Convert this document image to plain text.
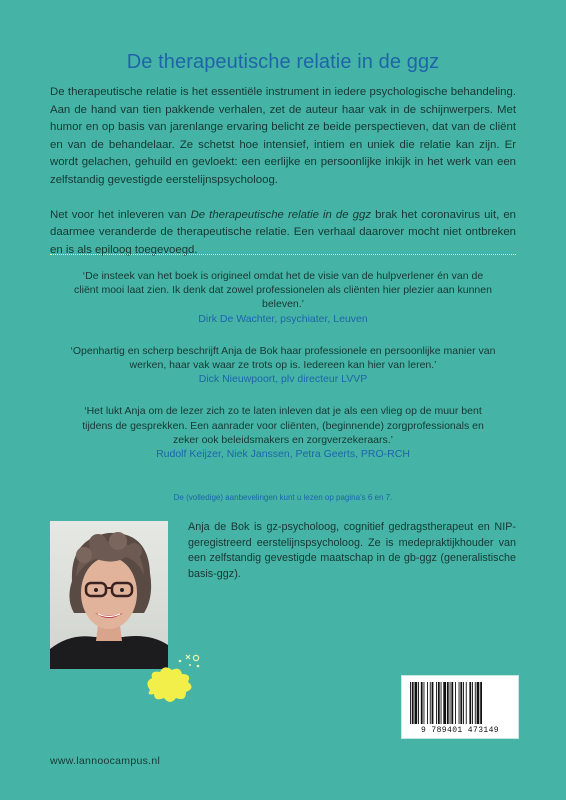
De therapeutische relatie in de ggz

De therapeutische relatie is het essentiële instrument in iedere psychologische behandeling. Aan de hand van tien pakkende verhalen, zet de auteur haar vak in de schijnwerpers. Met humor en op basis van jarenlange ervaring belicht ze beide perspectieven, dat van de cliënt en van de behandelaar. Ze schetst hoe intensief, intiem en uniek die relatie kan zijn. Er wordt gelachen, gehuild en gevloekt: een eerlijke en persoonlijke inkijk in het werk van een zelfstandig gevestigde eerstelijnspsycholoog.

Net voor het inleveren van De therapeutische relatie in de ggz brak het coronavirus uit, en daarmee veranderde de therapeutische relatie. Een verhaal daarover mocht niet ontbreken en is als epiloog toegevoegd.

‘De insteek van het boek is origineel omdat het de visie van de hulpverlener én van de cliënt mooi laat zien. Ik denk dat zowel professionelen als cliënten hier plezier aan kunnen beleven.’
Dirk De Wachter, psychiater, Leuven
‘Openhartig en scherp beschrijft Anja de Bok haar professionele en persoonlijke manier van werken, haar vak waar ze trots op is. Iedereen kan hier van leren.’
Dick Nieuwpoort, plv directeur LVVP
‘Het lukt Anja om de lezer zich zo te laten inleven dat je als een vlieg op de muur bent tijdens de gesprekken. Een aanrader voor cliënten, (beginnende) zorgprofessionals en zeker ook beleidsmakers en zorgverzekeraars.’
Rudolf Keijzer, Niek Janssen, Petra Geerts, PRO-RCH
De (volledige) aanbevelingen kunt u lezen op pagina’s 6 en 7.
Anja de Bok is gz-psycholoog, cognitief gedragstherapeut en NIP-geregistreerd eerstelijnspsycholoog. Ze is medepraktijkhouder van een zelfstandig gevestigde maatschap in de gb-ggz (generalistische basis-ggz).
9 789401 473149
www.lannoocampus.nl
